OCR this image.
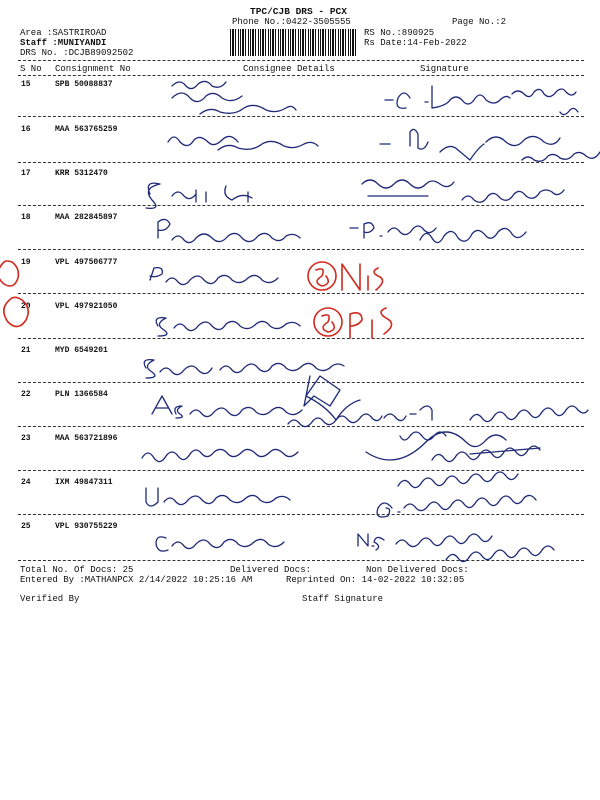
TPC/CJB DRS - PCX
Phone No.:0422-3505555	Page No.:2
Area :SASTRIROAD
Staff :MUNIYANDI
DRS No. :DCJB89092502
RS No.:890925
Rs Date:14-Feb-2022
S No Consignment No	Consignee Details	Signature
15	SPB 50088837
16	MAA 563765259
17	KRR 5312470
18	MAA 282845897
19	VPL 497506777
20	VPL 497921050
21	MYD 6549201
22	PLN 1366584
23	MAA 563721896
24	IXM 49847311
25	VPL 930755229
Total No. Of Docs: 25	Delivered Docs:	Non Delivered Docs:
Entered By :MATHANPCX 2/14/2022 10:25:16 AM	Reprinted On: 14-02-2022 10:32:05
Verified By	Staff Signature
